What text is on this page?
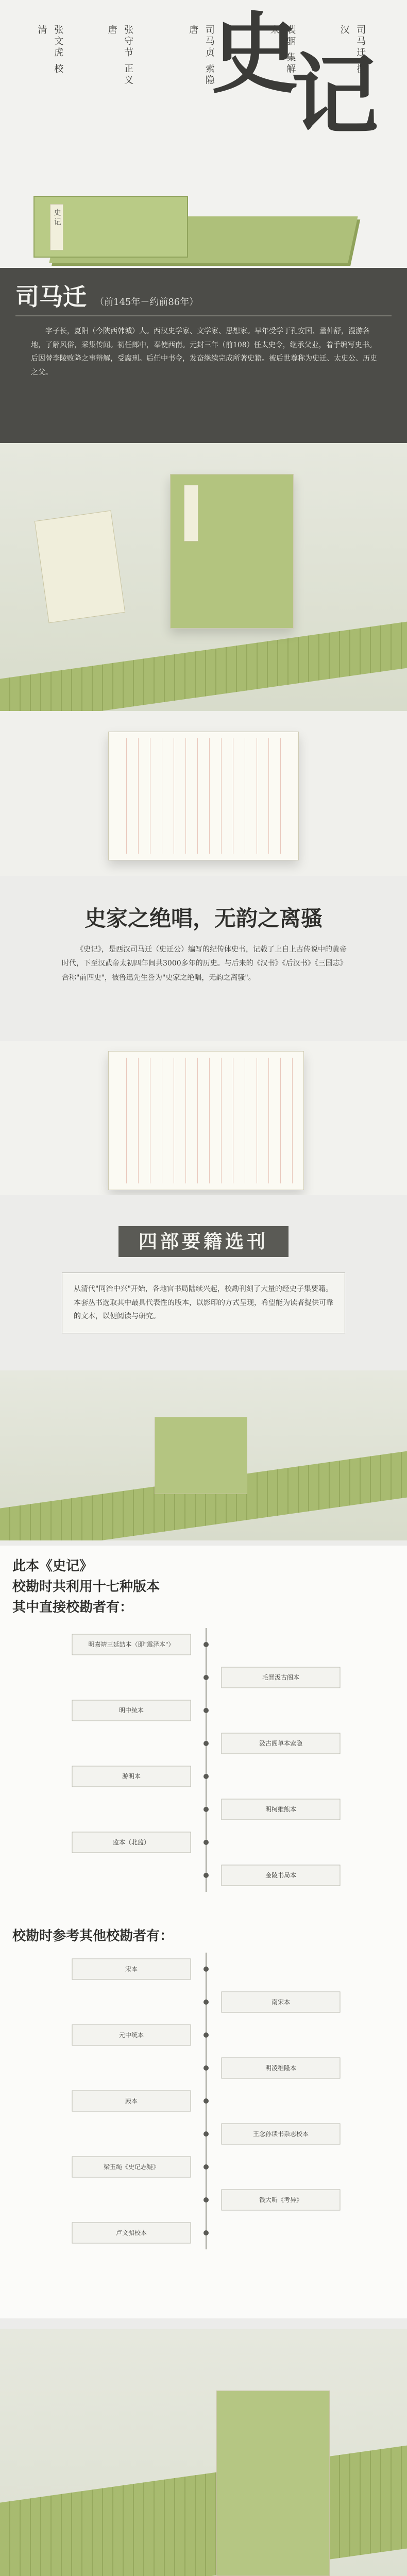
汉 司马迁 撰
宋 裴骃 集解
唐 司马贞 索隐
唐 张守节 正义
清 张文虎 校 史
记
史记
司马迁 （前145年－约前86年）

字子长，夏阳（今陕西韩城）人。西汉史学家、文学家、思想家。早年受学于孔安国、董仲舒，漫游各地，了解风俗，采集传闻。初任郎中，奉使西南。元封三年（前108）任太史令，继承父业，着手编写史书。后因替李陵败降之事辩解，受腐刑。后任中书令，发奋继续完成所著史籍。被后世尊称为史迁、太史公、历史之父。

史家之绝唱，无韵之离骚

《史记》，是西汉司马迁（史迁公）编写的纪传体史书，记载了上自上古传说中的黄帝时代，下至汉武帝太初四年间共3000多年的历史。与后来的《汉书》《后汉书》《三国志》合称"前四史"，被鲁迅先生誉为"史家之绝唱，无韵之离骚"。

四部要籍选刊

从清代"同治中兴"开始，各地官书局陆续兴起，校勘刊刻了大量的经史子集要籍。本套丛书选取其中最具代表性的版本，以影印的方式呈现，希望能为读者提供可靠的文本，以便阅读与研究。

此本《史记》
校勘时共利用十七种版本
其中直接校勘者有：
明嘉靖王延喆本（即"震泽本"）
毛晋汲古阁本
明中统本
汲古阁单本索隐
游明本
明柯维熊本
监本（北监）
金陵书局本
校勘时参考其他校勘者有：
宋本
南宋本
元中统本
明凌稚隆本
殿本
王念孙读书杂志校本
梁玉绳《史记志疑》
钱大昕《考异》
卢文弨校本
